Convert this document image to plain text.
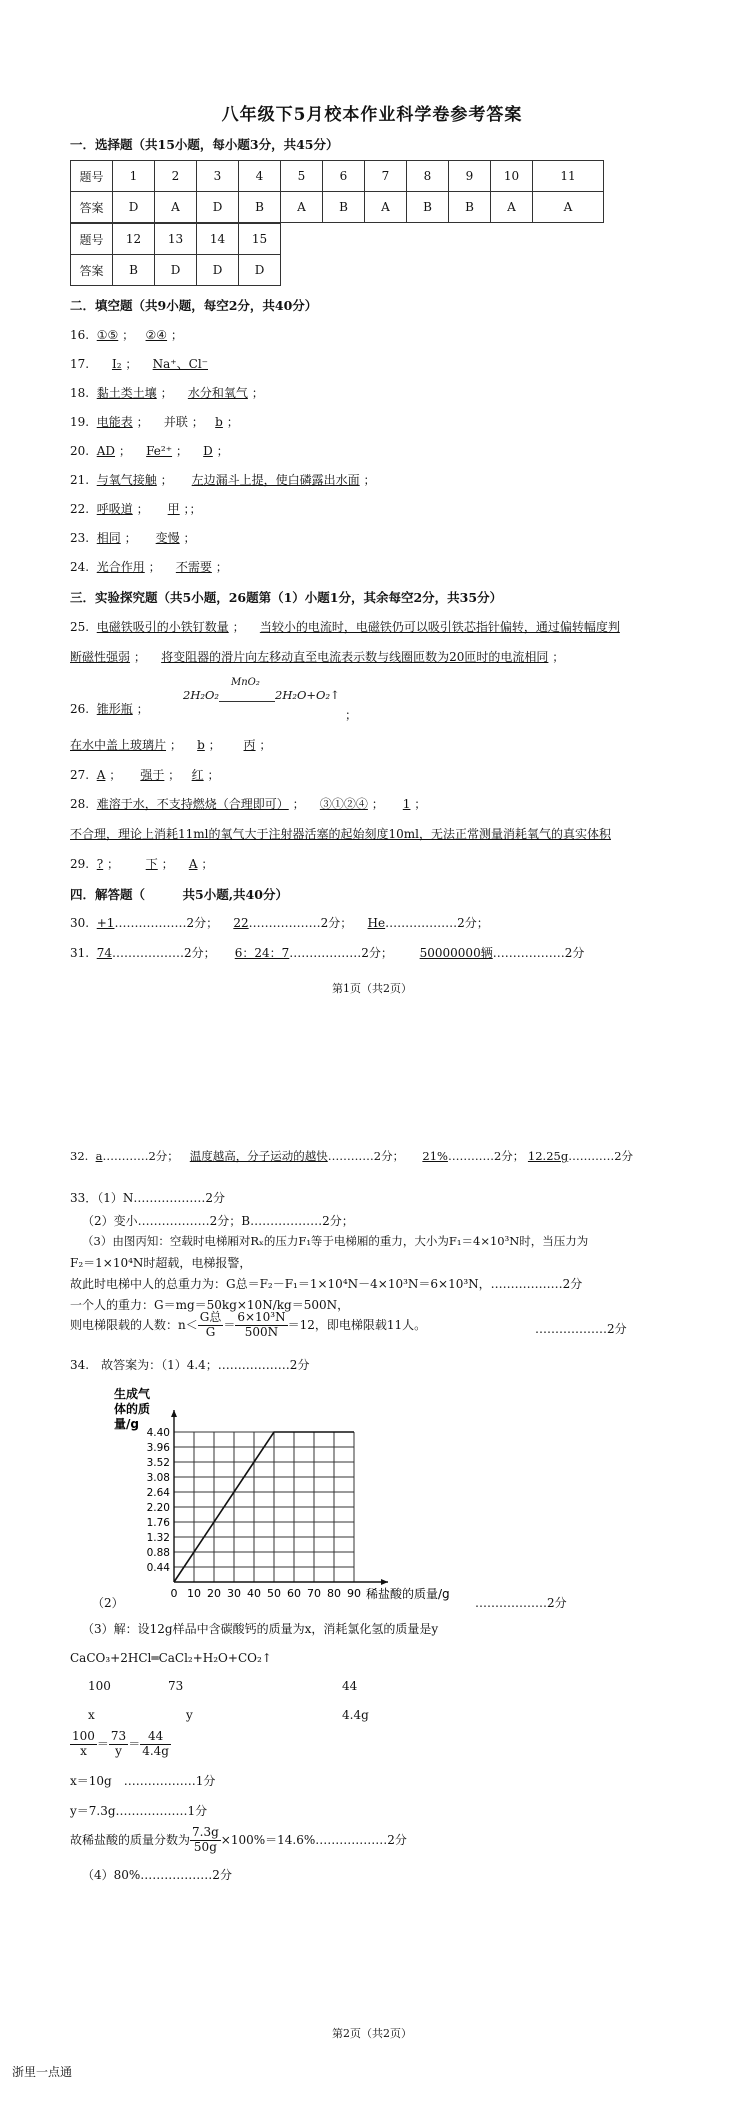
八年级下5月校本作业科学卷参考答案
一．选择题（共15小题，每小题3分，共45分）
题号	1	2	3	4	5	6	7	8	9	10	11
答案	D	A	D	B	A	B	A	B	B	A	A
题号	12	13	14	15
答案	B	D	D	D
二．填空题（共9小题，每空2分，共40分）
16. ①⑤ ； ②④ ；
17. I₂ ； Na⁺、Cl⁻
18. 黏土类土壤 ； 水分和氧气 ；
19. 电能表 ； 并联 ； b ；
20. AD ； Fe²⁺ ； D ；
21. 与氧气接触 ； 左边漏斗上提，使白磷露出水面 ；
22. 呼吸道 ； 甲 ；；
23. 相同 ； 变慢 ；
24. 光合作用 ； 不需要 ；
三．实验探究题（共5小题，26题第（1）小题1分，其余每空2分，共35分）
25. 电磁铁吸引的小铁钉数量 ； 当较小的电流时，电磁铁仍可以吸引铁芯指针偏转，通过偏转幅度判
断磁性强弱 ； 将变阻器的滑片向左移动直至电流表示数与线圈匝数为20匝时的电流相同 ；
26. 锥形瓶 ；
2H₂O₂
MnO₂
2H₂O+O₂↑
；
在水中盖上玻璃片 ； b ； 丙 ；
27. A ； 强于 ； 红 ；
28. 难溶于水，不支持燃烧（合理即可） ； ③①②④ ； 1 ；
不合理，理论上消耗11ml的氧气大于注射器活塞的起始刻度10ml，无法正常测量消耗氧气的真实体积
29. ? ； 下 ； A ；
四．解答题（　　　共5小题,共40分）
30. +1………………2分； 22………………2分； He………………2分；
31. 74………………2分； 6：24：7………………2分； 50000000辆………………2分
第1页（共2页）
32. a…………2分； 温度越高，分子运动的越快…………2分； 21%…………2分； 12.25g…………2分
33．（1）N………………2分
（2）变小………………2分；B………………2分；
（3）由图丙知：空载时电梯厢对Rₓ的压力F₁等于电梯厢的重力，大小为F₁＝4×10³N时，当压力为
F₂＝1×10⁴N时超载，电梯报警，
故此时电梯中人的总重力为：G总＝F₂－F₁＝1×10⁴N－4×10³N＝6×10³N，………………2分
一个人的重力：G＝mg＝50kg×10N/kg＝500N，
则电梯限载的人数：$n< \frac{\text{G总}}{G} = \frac{\text{6×10³N}}{500N} =12$，即电梯限载11人。	………………2分
34.　故答案为：（1）4.4；………………2分
0 10 20 30 40 50 60 70 80 90
0.44
0.88
1.32
1.76
2.20
2.64
3.08
3.52
3.96
4.40
生成气
体的质
量/g
稀盐酸的质量/g
（2）	………………2分
（3）解：设12g样品中含碳酸钙的质量为x，消耗氯化氢的质量是y
CaCO₃+2HCl═CaCl₂+H₂O+CO₂↑
100	73	44
x	y	4.4g
$\frac{100}{x} = \frac{73}{y} = \frac{44}{4.4g}$
x＝10g　………………1分
y＝7.3g………………1分
故稀盐酸的质量分数为 $\frac{7.3g}{50g}$ ×100%＝14.6%………………2分
（4）80%………………2分
第2页（共2页）
浙里一点通
